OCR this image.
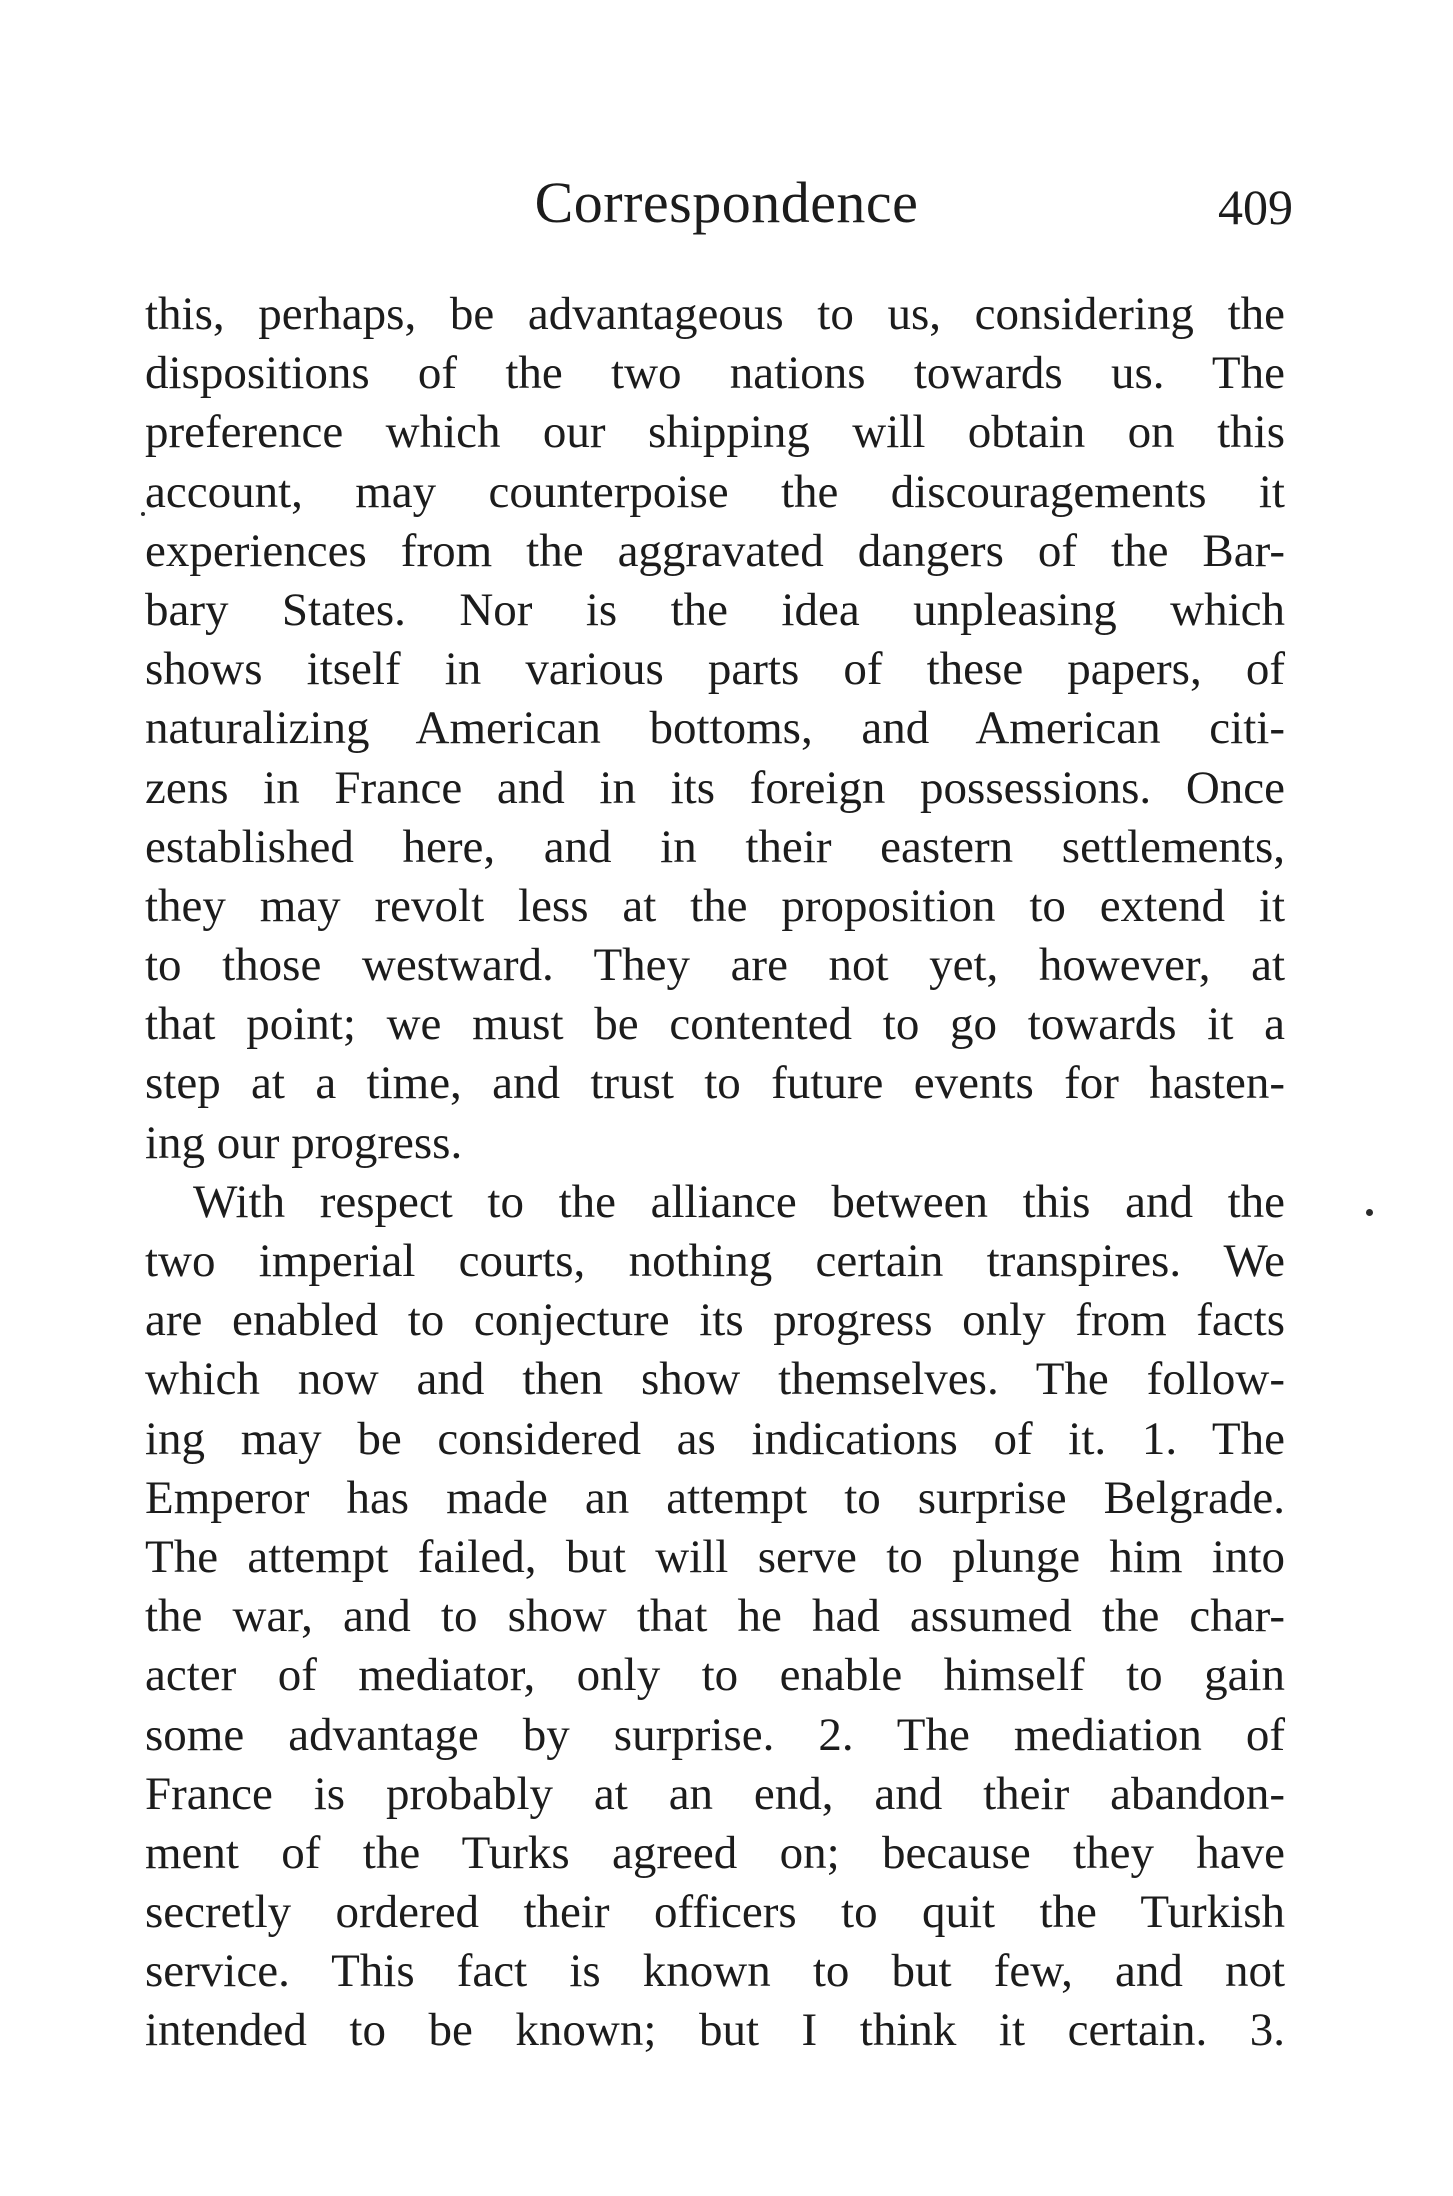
Correspondence	409
this, perhaps, be advantageous to us, considering the
dispositions of the two nations towards us. The
preference which our shipping will obtain on this
account, may counterpoise the discouragements it
experiences from the aggravated dangers of the Bar-
bary States. Nor is the idea unpleasing which
shows itself in various parts of these papers, of
naturalizing American bottoms, and American citi-
zens in France and in its foreign possessions. Once
established here, and in their eastern settlements,
they may revolt less at the proposition to extend it
to those westward. They are not yet, however, at
that point; we must be contented to go towards it a
step at a time, and trust to future events for hasten-
ing our progress.
With respect to the alliance between this and the
two imperial courts, nothing certain transpires. We
are enabled to conjecture its progress only from facts
which now and then show themselves. The follow-
ing may be considered as indications of it. 1. The
Emperor has made an attempt to surprise Belgrade.
The attempt failed, but will serve to plunge him into
the war, and to show that he had assumed the char-
acter of mediator, only to enable himself to gain
some advantage by surprise. 2. The mediation of
France is probably at an end, and their abandon-
ment of the Turks agreed on; because they have
secretly ordered their officers to quit the Turkish
service. This fact is known to but few, and not
intended to be known; but I think it certain. 3.
